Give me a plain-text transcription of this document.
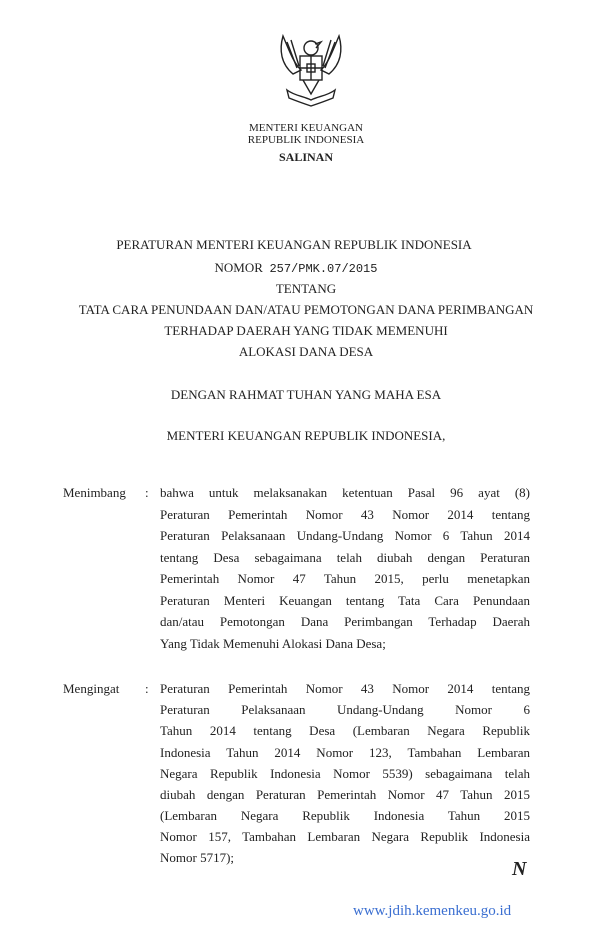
MENTERI KEUANGAN
REPUBLIK INDONESIA
SALINAN
PERATURAN MENTERI KEUANGAN REPUBLIK INDONESIA
NOMOR 257/PMK.07/2015
TENTANG
TATA CARA PENUNDAAN DAN/ATAU PEMOTONGAN DANA PERIMBANGAN
TERHADAP DAERAH YANG TIDAK MEMENUHI
ALOKASI DANA DESA
DENGAN RAHMAT TUHAN YANG MAHA ESA
MENTERI KEUANGAN REPUBLIK INDONESIA,
Menimbang : bahwa untuk melaksanakan ketentuan Pasal 96 ayat (8)
Peraturan Pemerintah Nomor 43 Nomor 2014 tentang
Peraturan Pelaksanaan Undang-Undang Nomor 6 Tahun 2014
tentang Desa sebagaimana telah diubah dengan Peraturan
Pemerintah Nomor 47 Tahun 2015, perlu menetapkan
Peraturan Menteri Keuangan tentang Tata Cara Penundaan
dan/atau Pemotongan Dana Perimbangan Terhadap Daerah
Yang Tidak Memenuhi Alokasi Dana Desa;
Mengingat : Peraturan Pemerintah Nomor 43 Nomor 2014 tentang
Peraturan Pelaksanaan Undang-Undang Nomor 6
Tahun 2014 tentang Desa (Lembaran Negara Republik
Indonesia Tahun 2014 Nomor 123, Tambahan Lembaran
Negara Republik Indonesia Nomor 5539) sebagaimana telah
diubah dengan Peraturan Pemerintah Nomor 47 Tahun 2015
(Lembaran Negara Republik Indonesia Tahun 2015
Nomor 157, Tambahan Lembaran Negara Republik Indonesia
Nomor 5717);
N
www.jdih.kemenkeu.go.id
